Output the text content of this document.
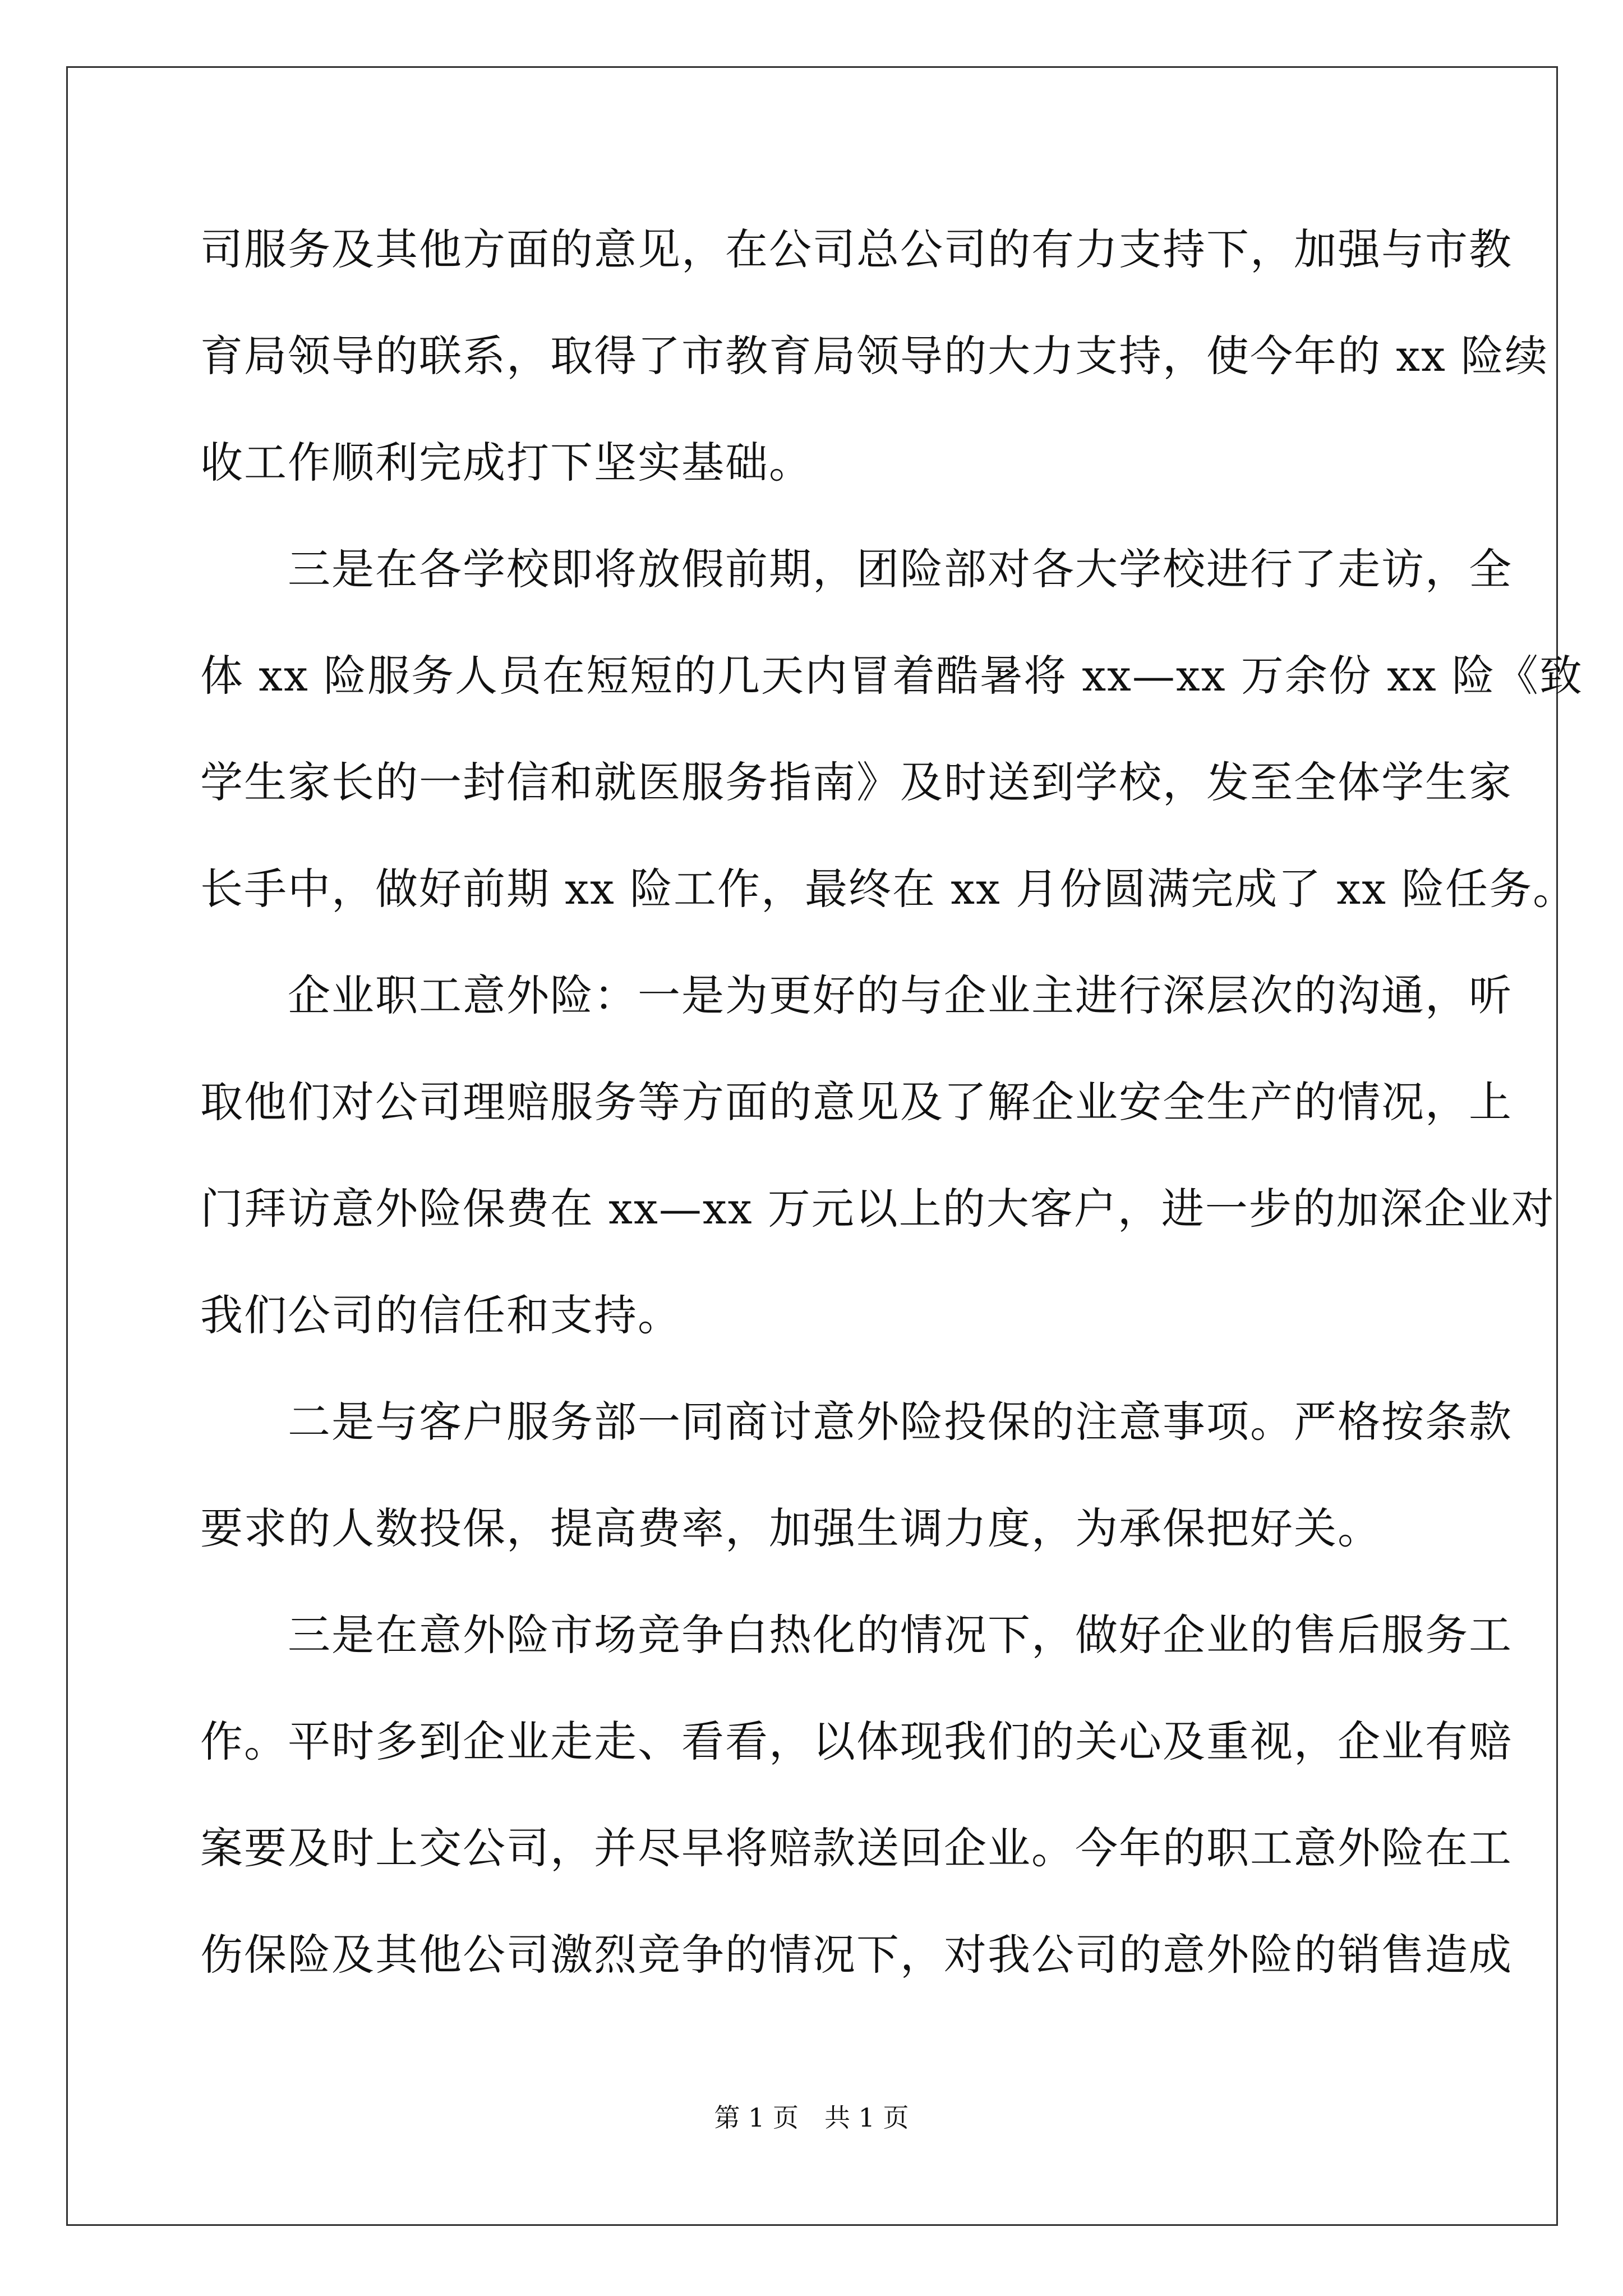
司服务及其他方面的意见，在公司总公司的有力支持下，加强与市教
育局领导的联系，取得了市教育局领导的大力支持，使今年的 xx 险续
收工作顺利完成打下坚实基础。
　　三是在各学校即将放假前期，团险部对各大学校进行了走访，全
体 xx 险服务人员在短短的几天内冒着酷暑将 xx—xx 万余份 xx 险《致
学生家长的一封信和就医服务指南》及时送到学校，发至全体学生家
长手中，做好前期 xx 险工作，最终在 xx 月份圆满完成了 xx 险任务。
　　企业职工意外险：一是为更好的与企业主进行深层次的沟通，听
取他们对公司理赔服务等方面的意见及了解企业安全生产的情况，上
门拜访意外险保费在 xx—xx 万元以上的大客户，进一步的加深企业对
我们公司的信任和支持。
　　二是与客户服务部一同商讨意外险投保的注意事项。严格按条款
要求的人数投保，提高费率，加强生调力度，为承保把好关。
　　三是在意外险市场竞争白热化的情况下，做好企业的售后服务工
作。平时多到企业走走、看看，以体现我们的关心及重视，企业有赔
案要及时上交公司，并尽早将赔款送回企业。今年的职工意外险在工
伤保险及其他公司激烈竞争的情况下，对我公司的意外险的销售造成
第 1 页　共 1 页
